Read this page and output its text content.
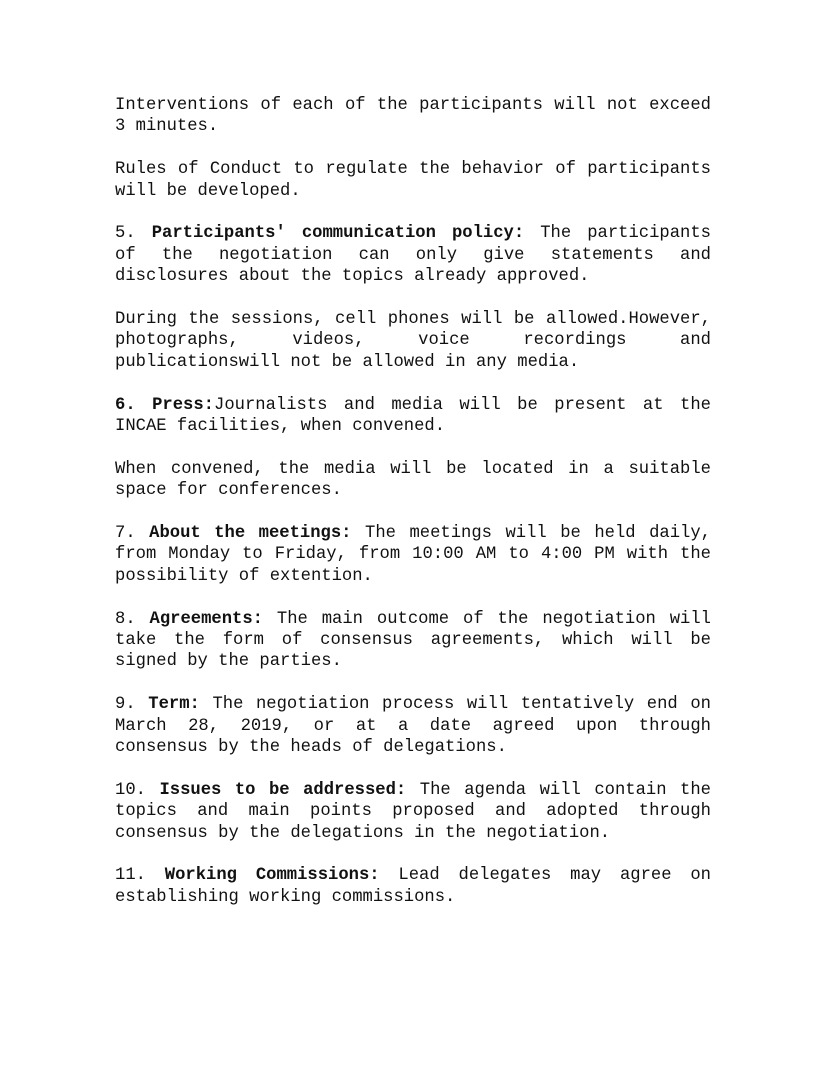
Interventions of each of the participants will not exceed 3 minutes.

Rules of Conduct to regulate the behavior of participants will be developed.

5. Participants' communication policy: The participants of the negotiation can only give statements and disclosures about the topics already approved.

During the sessions, cell phones will be allowed.However, photographs, videos, voice recordings and publicationswill not be allowed in any media.

6. Press:Journalists and media will be present at the INCAE facilities, when convened.

When convened, the media will be located in a suitable space for conferences.

7. About the meetings: The meetings will be held daily, from Monday to Friday, from 10:00 AM to 4:00 PM with the possibility of extention.

8. Agreements: The main outcome of the negotiation will take the form of consensus agreements, which will be signed by the parties.

9. Term: The negotiation process will tentatively end on March 28, 2019, or at a date agreed upon through consensus by the heads of delegations.

10. Issues to be addressed: The agenda will contain the topics and main points proposed and adopted through consensus by the delegations in the negotiation.

11. Working Commissions: Lead delegates may agree on establishing working commissions.
